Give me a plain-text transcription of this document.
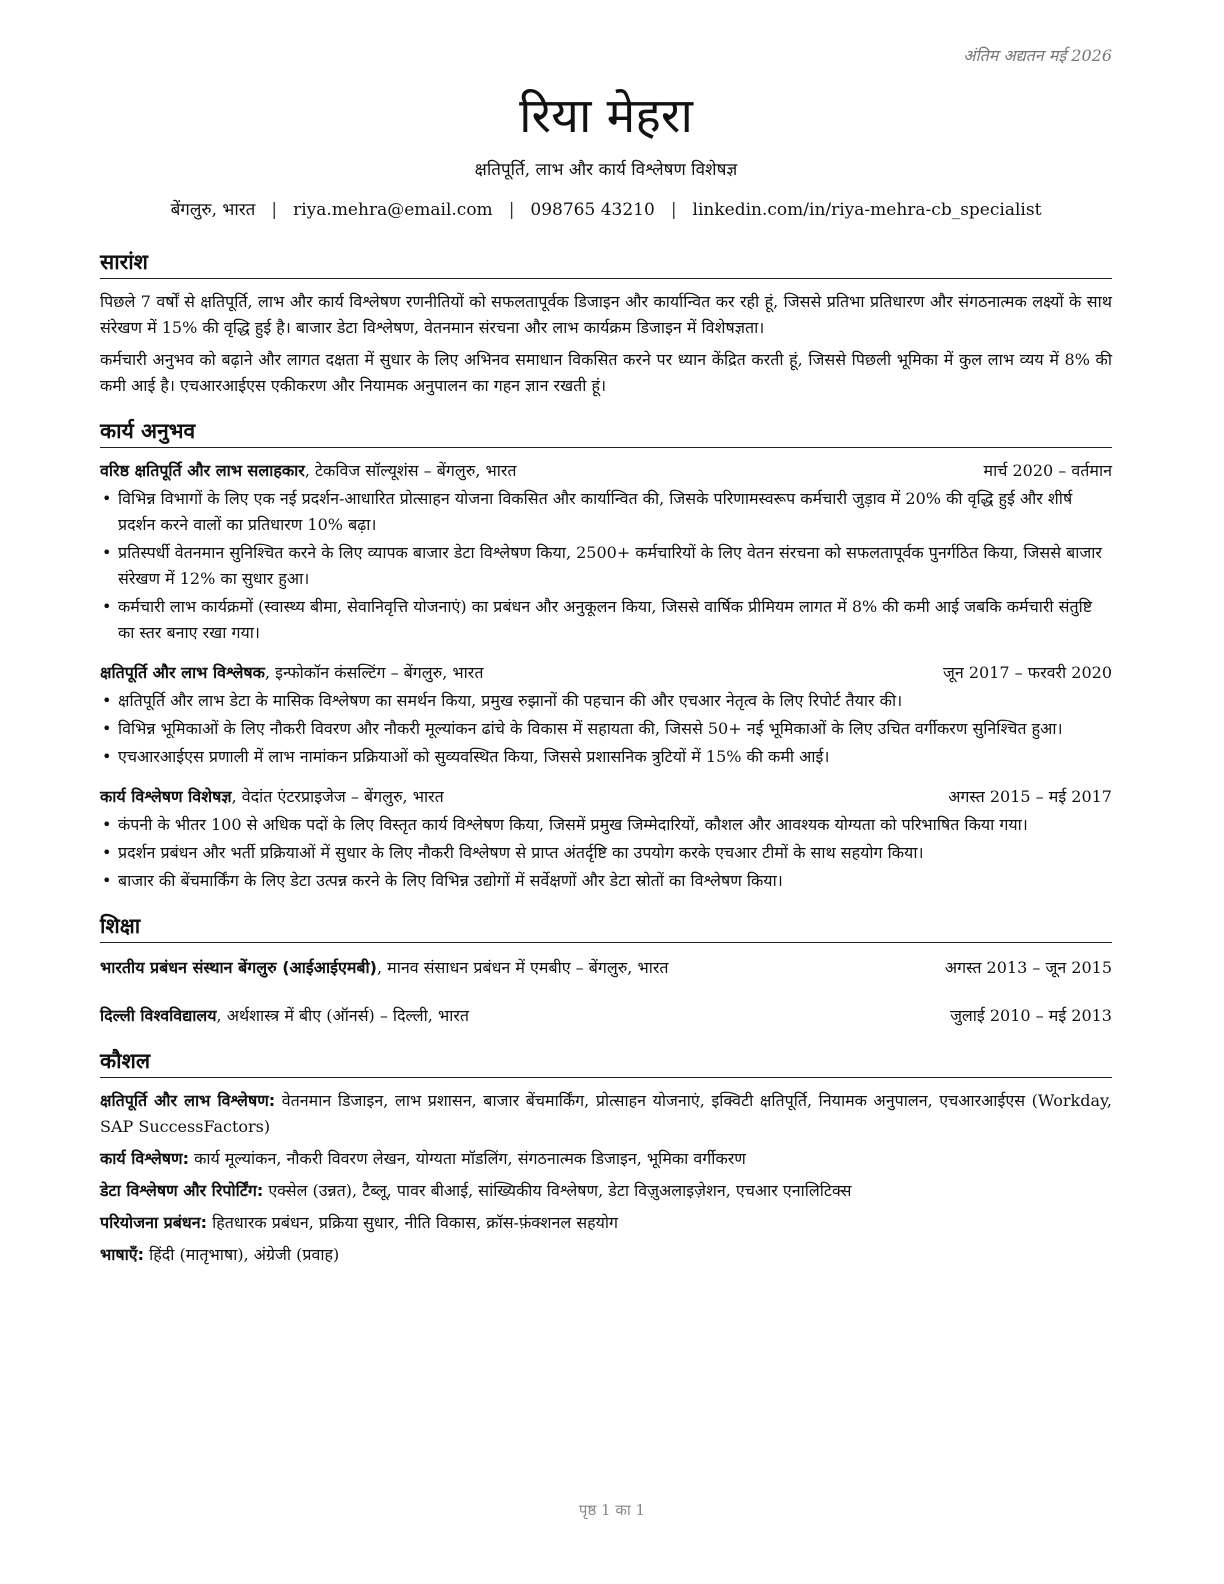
अंतिम अद्यतन मई 2026
रिया मेहरा
क्षतिपूर्ति, लाभ और कार्य विश्लेषण विशेषज्ञ
बेंगलुरु, भारत | riya.mehra@email.com | 098765 43210 | linkedin.com/in/riya-mehra-cb_specialist
सारांश

पिछले 7 वर्षों से क्षतिपूर्ति, लाभ और कार्य विश्लेषण रणनीतियों को सफलतापूर्वक डिजाइन और कार्यान्वित कर रही हूं, जिससे प्रतिभा प्रतिधारण और संगठनात्मक लक्ष्यों के साथ संरेखण में 15% की वृद्धि हुई है। बाजार डेटा विश्लेषण, वेतनमान संरचना और लाभ कार्यक्रम डिजाइन में विशेषज्ञता।

कर्मचारी अनुभव को बढ़ाने और लागत दक्षता में सुधार के लिए अभिनव समाधान विकसित करने पर ध्यान केंद्रित करती हूं, जिससे पिछली भूमिका में कुल लाभ व्यय में 8% की कमी आई है। एचआरआईएस एकीकरण और नियामक अनुपालन का गहन ज्ञान रखती हूं।

कार्य अनुभव
वरिष्ठ क्षतिपूर्ति और लाभ सलाहकार, टेकविज सॉल्यूशंस – बेंगलुरु, भारत	मार्च 2020 – वर्तमान
• विभिन्न विभागों के लिए एक नई प्रदर्शन-आधारित प्रोत्साहन योजना विकसित और कार्यान्वित की, जिसके परिणामस्वरूप कर्मचारी जुड़ाव में 20% की वृद्धि हुई और शीर्ष प्रदर्शन करने वालों का प्रतिधारण 10% बढ़ा।
• प्रतिस्पर्धी वेतनमान सुनिश्चित करने के लिए व्यापक बाजार डेटा विश्लेषण किया, 2500+ कर्मचारियों के लिए वेतन संरचना को सफलतापूर्वक पुनर्गठित किया, जिससे बाजार संरेखण में 12% का सुधार हुआ।
• कर्मचारी लाभ कार्यक्रमों (स्वास्थ्य बीमा, सेवानिवृत्ति योजनाएं) का प्रबंधन और अनुकूलन किया, जिससे वार्षिक प्रीमियम लागत में 8% की कमी आई जबकि कर्मचारी संतुष्टि का स्तर बनाए रखा गया।
क्षतिपूर्ति और लाभ विश्लेषक, इन्फोकॉन कंसल्टिंग – बेंगलुरु, भारत	जून 2017 – फरवरी 2020
• क्षतिपूर्ति और लाभ डेटा के मासिक विश्लेषण का समर्थन किया, प्रमुख रुझानों की पहचान की और एचआर नेतृत्व के लिए रिपोर्ट तैयार की।
• विभिन्न भूमिकाओं के लिए नौकरी विवरण और नौकरी मूल्यांकन ढांचे के विकास में सहायता की, जिससे 50+ नई भूमिकाओं के लिए उचित वर्गीकरण सुनिश्चित हुआ।
• एचआरआईएस प्रणाली में लाभ नामांकन प्रक्रियाओं को सुव्यवस्थित किया, जिससे प्रशासनिक त्रुटियों में 15% की कमी आई।
कार्य विश्लेषण विशेषज्ञ, वेदांत एंटरप्राइजेज – बेंगलुरु, भारत	अगस्त 2015 – मई 2017
• कंपनी के भीतर 100 से अधिक पदों के लिए विस्तृत कार्य विश्लेषण किया, जिसमें प्रमुख जिम्मेदारियों, कौशल और आवश्यक योग्यता को परिभाषित किया गया।
• प्रदर्शन प्रबंधन और भर्ती प्रक्रियाओं में सुधार के लिए नौकरी विश्लेषण से प्राप्त अंतर्दृष्टि का उपयोग करके एचआर टीमों के साथ सहयोग किया।
• बाजार की बेंचमार्किंग के लिए डेटा उत्पन्न करने के लिए विभिन्न उद्योगों में सर्वेक्षणों और डेटा स्रोतों का विश्लेषण किया।
शिक्षा
भारतीय प्रबंधन संस्थान बेंगलुरु (आईआईएमबी), मानव संसाधन प्रबंधन में एमबीए – बेंगलुरु, भारत	अगस्त 2013 – जून 2015
दिल्ली विश्वविद्यालय, अर्थशास्त्र में बीए (ऑनर्स) – दिल्ली, भारत	जुलाई 2010 – मई 2013
कौशल

क्षतिपूर्ति और लाभ विश्लेषण: वेतनमान डिजाइन, लाभ प्रशासन, बाजार बेंचमार्किंग, प्रोत्साहन योजनाएं, इक्विटी क्षतिपूर्ति, नियामक अनुपालन, एचआरआईएस (Workday, SAP SuccessFactors)

कार्य विश्लेषण: कार्य मूल्यांकन, नौकरी विवरण लेखन, योग्यता मॉडलिंग, संगठनात्मक डिजाइन, भूमिका वर्गीकरण

डेटा विश्लेषण और रिपोर्टिंग: एक्सेल (उन्नत), टैब्लू, पावर बीआई, सांख्यिकीय विश्लेषण, डेटा विज़ुअलाइज़ेशन, एचआर एनालिटिक्स

परियोजना प्रबंधन: हितधारक प्रबंधन, प्रक्रिया सुधार, नीति विकास, क्रॉस-फ़ंक्शनल सहयोग

भाषाएँ: हिंदी (मातृभाषा), अंग्रेजी (प्रवाह)

पृष्ठ 1 का 1
